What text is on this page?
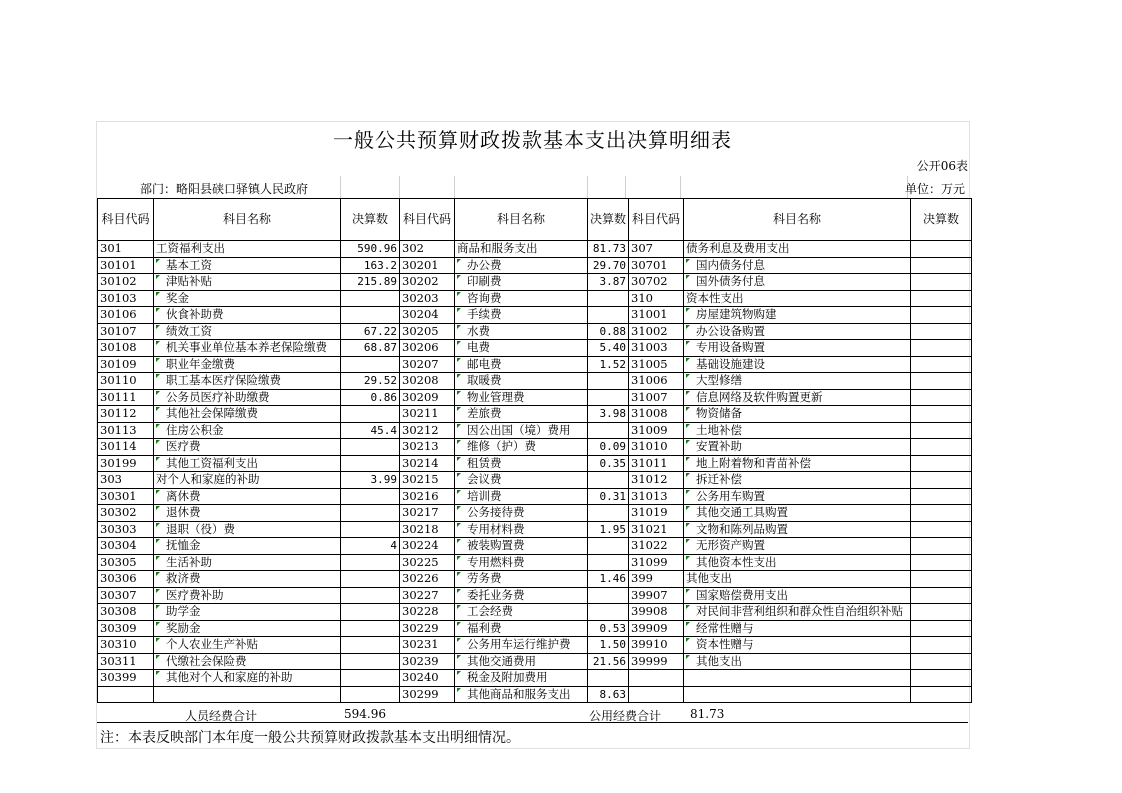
一般公共预算财政拨款基本支出决算明细表
公开06表
部门：略阳县硖口驿镇人民政府	单位：万元
科目代码	科目名称	决算数	科目代码	科目名称	决算数	科目代码	科目名称	决算数
301	工资福利支出	590.96	302	商品和服务支出	81.73	307	债务利息及费用支出	
30101	基本工资	163.2	30201	办公费	29.70	30701	国内债务付息	
30102	津贴补贴	215.89	30202	印刷费	3.87	30702	国外债务付息	
30103	奖金		30203	咨询费		310	资本性支出	
30106	伙食补助费		30204	手续费		31001	房屋建筑物购建	
30107	绩效工资	67.22	30205	水费	0.88	31002	办公设备购置	
30108	机关事业单位基本养老保险缴费	68.87	30206	电费	5.40	31003	专用设备购置	
30109	职业年金缴费		30207	邮电费	1.52	31005	基础设施建设	
30110	职工基本医疗保险缴费	29.52	30208	取暖费		31006	大型修缮	
30111	公务员医疗补助缴费	0.86	30209	物业管理费		31007	信息网络及软件购置更新	
30112	其他社会保障缴费		30211	差旅费	3.98	31008	物资储备	
30113	住房公积金	45.4	30212	因公出国（境）费用		31009	土地补偿	
30114	医疗费		30213	维修（护）费	0.09	31010	安置补助	
30199	其他工资福利支出		30214	租赁费	0.35	31011	地上附着物和青苗补偿	
303	对个人和家庭的补助	3.99	30215	会议费		31012	拆迁补偿	
30301	离休费		30216	培训费	0.31	31013	公务用车购置	
30302	退休费		30217	公务接待费		31019	其他交通工具购置	
30303	退职（役）费		30218	专用材料费	1.95	31021	文物和陈列品购置	
30304	抚恤金	4	30224	被装购置费		31022	无形资产购置	
30305	生活补助		30225	专用燃料费		31099	其他资本性支出	
30306	救济费		30226	劳务费	1.46	399	其他支出	
30307	医疗费补助		30227	委托业务费		39907	国家赔偿费用支出	
30308	助学金		30228	工会经费		39908	对民间非营利组织和群众性自治组织补贴	
30309	奖励金		30229	福利费	0.53	39909	经常性赠与	
30310	个人农业生产补贴		30231	公务用车运行维护费	1.50	39910	资本性赠与	
30311	代缴社会保险费		30239	其他交通费用	21.56	39999	其他支出	
30399	其他对个人和家庭的补助		30240	税金及附加费用				
			30299	其他商品和服务支出	8.63			
人员经费合计	594.96	公用经费合计 81.73
注：本表反映部门本年度一般公共预算财政拨款基本支出明细情况。
